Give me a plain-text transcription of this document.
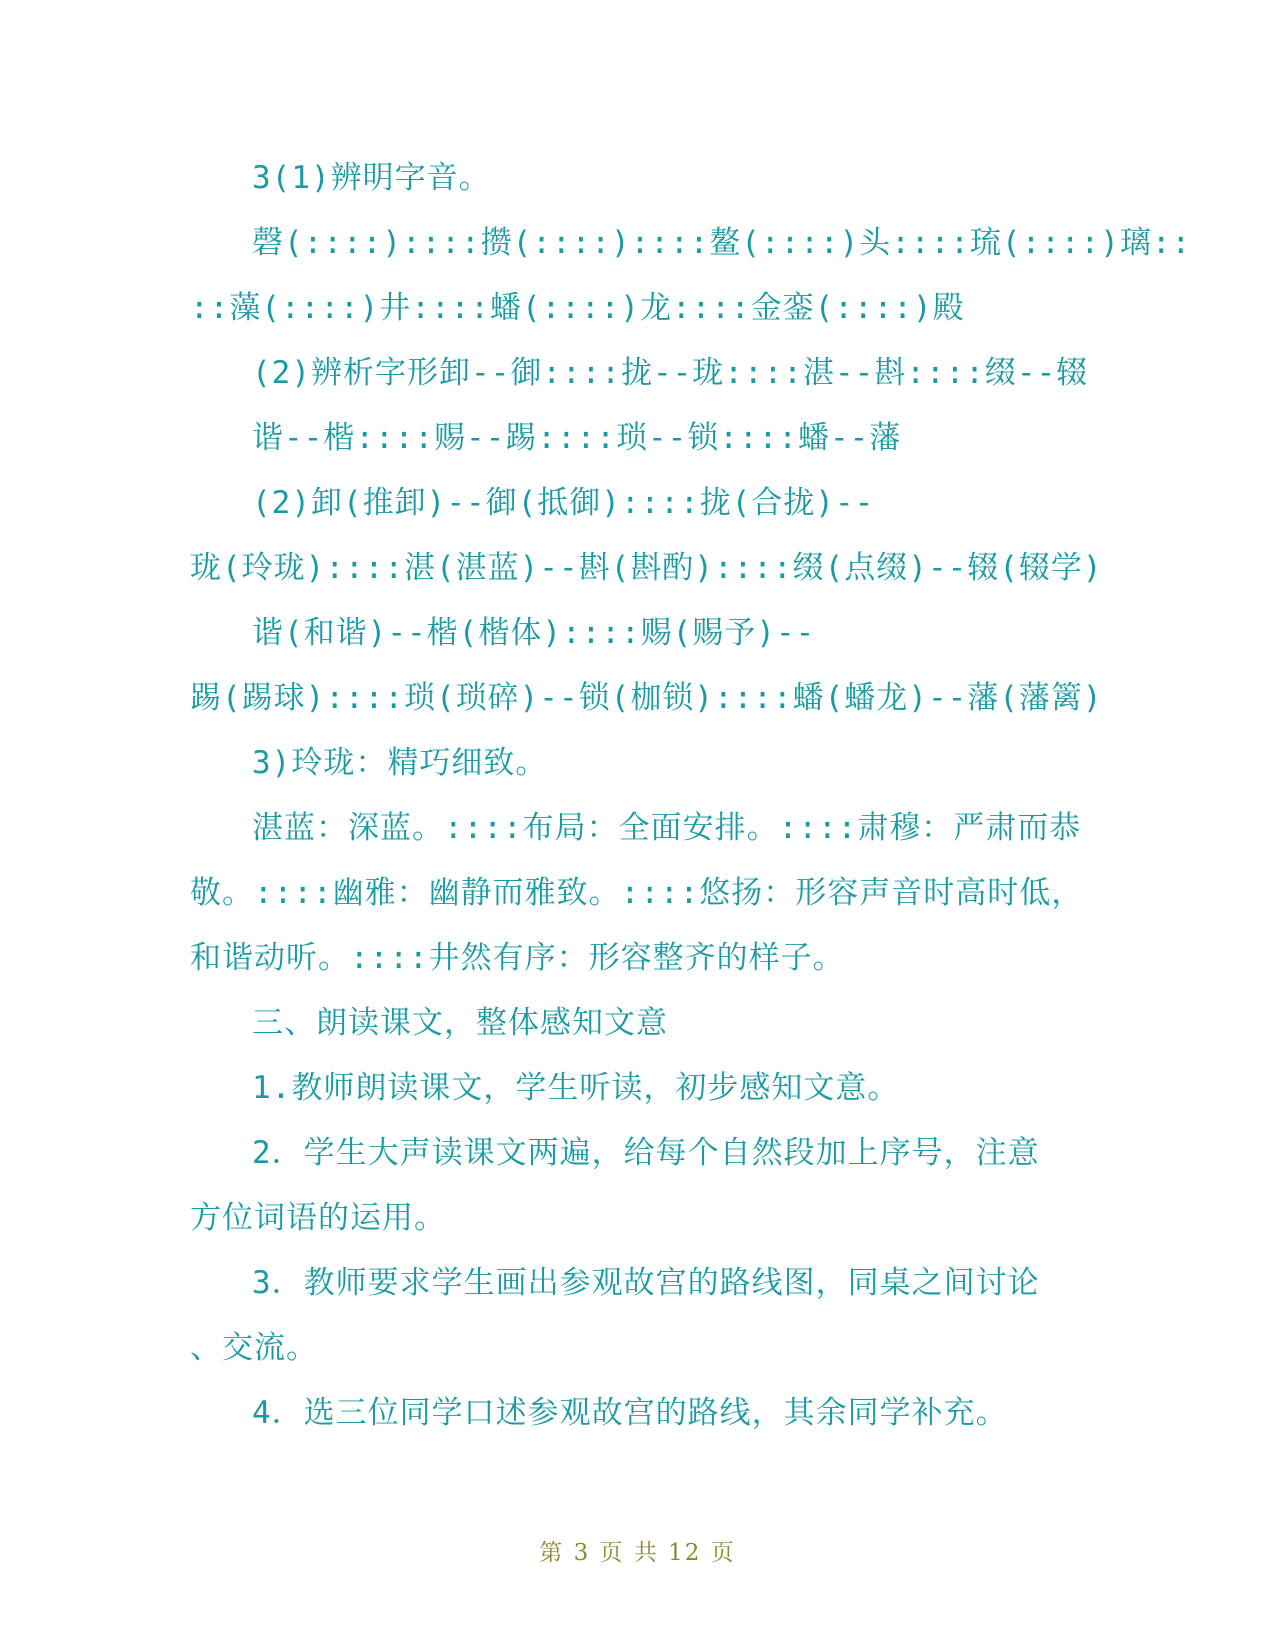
3(1)辨明字音。
磬(::::)::::攒(::::)::::鳌(::::)头::::琉(::::)璃::
::藻(::::)井::::蟠(::::)龙::::金銮(::::)殿
(2)辨析字形卸--御::::拢--珑::::湛--斟::::缀--辍
谐--楷::::赐--踢::::琐--锁::::蟠--藩
(2)卸(推卸)--御(抵御)::::拢(合拢)--
珑(玲珑)::::湛(湛蓝)--斟(斟酌)::::缀(点缀)--辍(辍学)
谐(和谐)--楷(楷体)::::赐(赐予)--
踢(踢球)::::琐(琐碎)--锁(枷锁)::::蟠(蟠龙)--藩(藩篱)
3)玲珑：精巧细致。
湛蓝：深蓝。::::布局：全面安排。::::肃穆：严肃而恭
敬。::::幽雅：幽静而雅致。::::悠扬：形容声音时高时低，
和谐动听。::::井然有序：形容整齐的样子。
三、朗读课文，整体感知文意
1.教师朗读课文，学生听读，初步感知文意。
2．学生大声读课文两遍，给每个自然段加上序号，注意
方位词语的运用。
3．教师要求学生画出参观故宫的路线图，同桌之间讨论
、交流。
4．选三位同学口述参观故宫的路线，其余同学补充。
第 3 页 共 12 页
